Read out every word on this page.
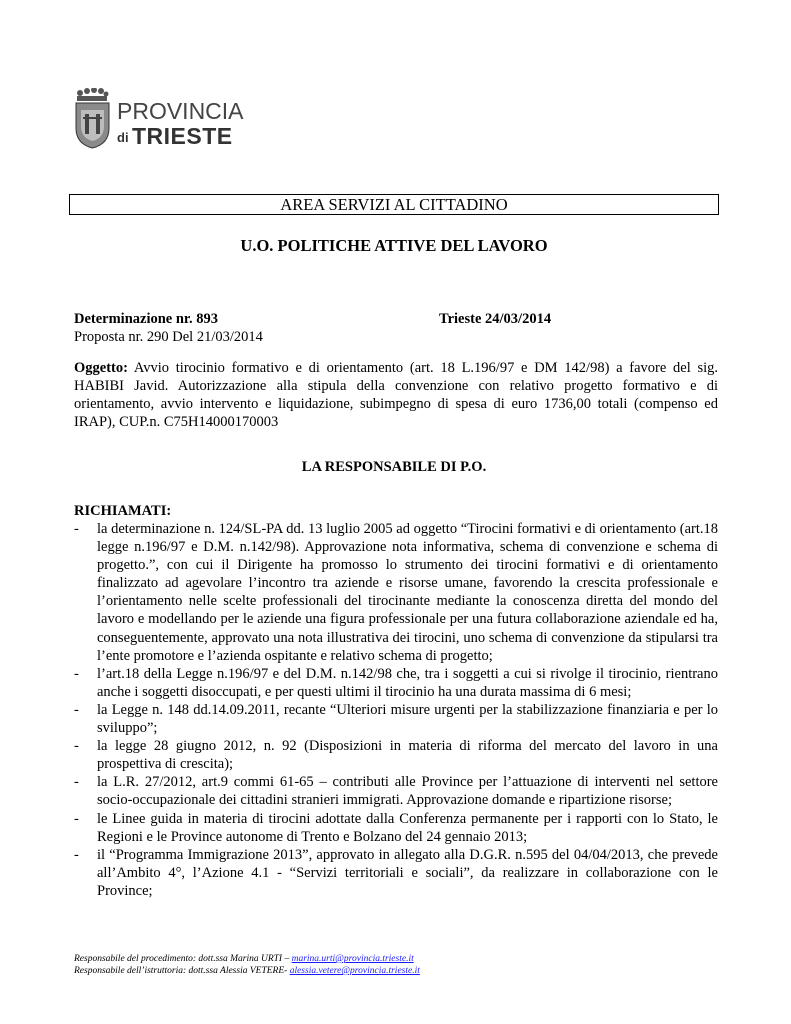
PROVINCIA
di TRIESTE
AREA SERVIZI AL CITTADINO
U.O. POLITICHE ATTIVE DEL LAVORO
Determinazione nr. 893	Trieste 24/03/2014
Proposta nr. 290 Del 21/03/2014
Oggetto: Avvio tirocinio formativo e di orientamento (art. 18 L.196/97 e DM 142/98) a favore del sig. HABIBI Javid. Autorizzazione alla stipula della convenzione con relativo progetto formativo e di orientamento, avvio intervento e liquidazione, subimpegno di spesa di euro 1736,00 totali (compenso ed IRAP), CUP.n. C75H14000170003
LA RESPONSABILE DI P.O.
RICHIAMATI:
- la determinazione n. 124/SL-PA dd. 13 luglio 2005 ad oggetto “Tirocini formativi e di orientamento (art.18 legge n.196/97 e D.M. n.142/98). Approvazione nota informativa, schema di convenzione e schema di progetto.”, con cui il Dirigente ha promosso lo strumento dei tirocini formativi e di orientamento finalizzato ad agevolare l’incontro tra aziende e risorse umane, favorendo la crescita professionale e l’orientamento nelle scelte professionali del tirocinante mediante la conoscenza diretta del mondo del lavoro e modellando per le aziende una figura professionale per una futura collaborazione aziendale ed ha, conseguentemente, approvato una nota illustrativa dei tirocini, uno schema di convenzione da stipularsi tra l’ente promotore e l’azienda ospitante e relativo schema di progetto;
- l’art.18 della Legge n.196/97 e del D.M. n.142/98 che, tra i soggetti a cui si rivolge il tirocinio, rientrano anche i soggetti disoccupati, e per questi ultimi il tirocinio ha una durata massima di 6 mesi;
- la Legge n. 148 dd.14.09.2011, recante “Ulteriori misure urgenti per la stabilizzazione finanziaria e per lo sviluppo”;
- la legge 28 giugno 2012, n. 92 (Disposizioni in materia di riforma del mercato del lavoro in una prospettiva di crescita);
- la L.R. 27/2012, art.9 commi 61-65 – contributi alle Province per l’attuazione di interventi nel settore socio-occupazionale dei cittadini stranieri immigrati. Approvazione domande e ripartizione risorse;
- le Linee guida in materia di tirocini adottate dalla Conferenza permanente per i rapporti con lo Stato, le Regioni e le Province autonome di Trento e Bolzano del 24 gennaio 2013;
- il “Programma Immigrazione 2013”, approvato in allegato alla D.G.R. n.595 del 04/04/2013, che prevede all’Ambito 4°, l’Azione 4.1 - “Servizi territoriali e sociali”, da realizzare in collaborazione con le Province;
Responsabile del procedimento: dott.ssa Marina URTI – marina.urti@provincia.trieste.it
Responsabile dell’istruttoria: dott.ssa Alessia VETERE- alessia.vetere@provincia.trieste.it
